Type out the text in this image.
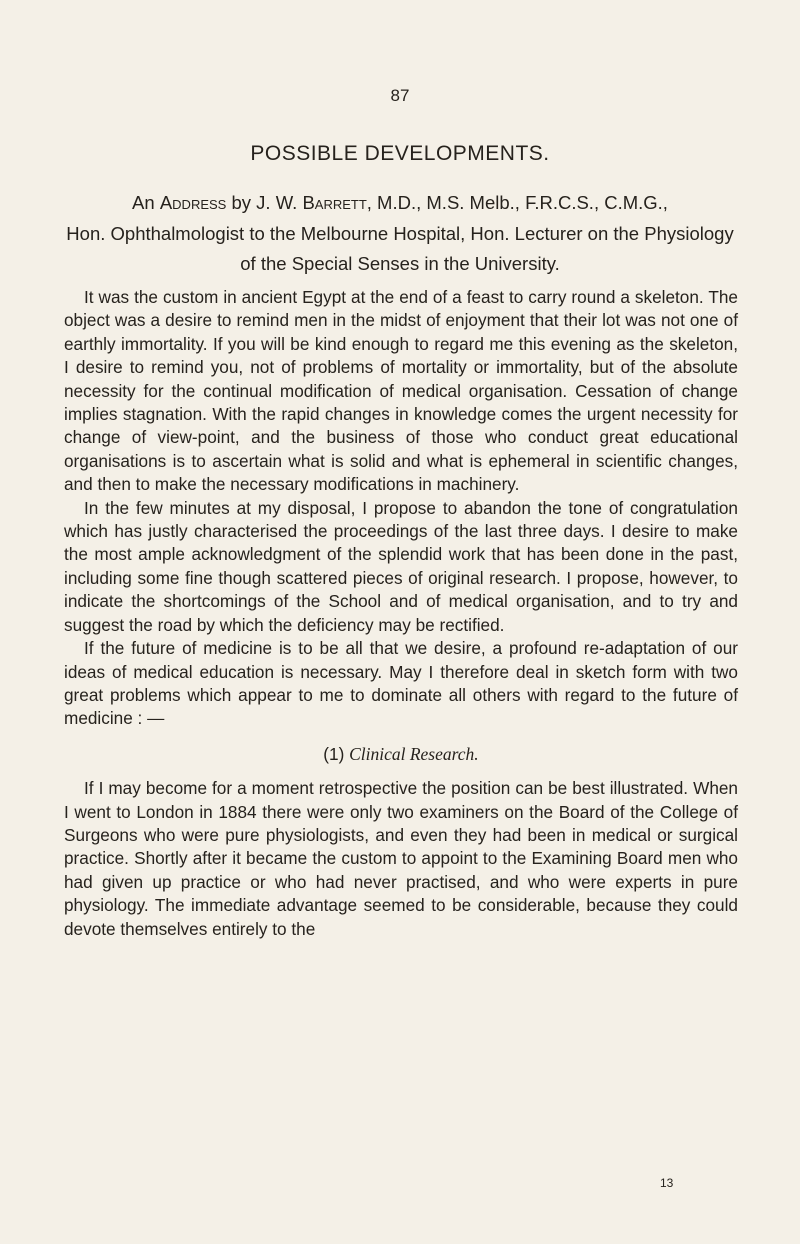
87
POSSIBLE DEVELOPMENTS.
An Address by J. W. Barrett, M.D., M.S. Melb., F.R.C.S., C.M.G.,
Hon. Ophthalmologist to the Melbourne Hospital, Hon. Lecturer on the Physiology of the Special Senses in the University.

It was the custom in ancient Egypt at the end of a feast to carry round a skeleton. The object was a desire to remind men in the midst of enjoyment that their lot was not one of earthly immortality. If you will be kind enough to regard me this evening as the skeleton, I desire to remind you, not of problems of mortality or immortality, but of the absolute necessity for the continual modification of medical organisation. Cessation of change implies stagnation. With the rapid changes in knowledge comes the urgent necessity for change of view-point, and the business of those who conduct great educational organisations is to ascertain what is solid and what is ephemeral in scientific changes, and then to make the necessary modifications in machinery.

In the few minutes at my disposal, I propose to abandon the tone of congratulation which has justly characterised the proceedings of the last three days. I desire to make the most ample acknowledgment of the splendid work that has been done in the past, including some fine though scattered pieces of original research. I propose, however, to indicate the shortcomings of the School and of medical organisation, and to try and suggest the road by which the deficiency may be rectified.

If the future of medicine is to be all that we desire, a profound re-adaptation of our ideas of medical education is necessary. May I therefore deal in sketch form with two great problems which appear to me to dominate all others with regard to the future of medicine : —

(1) Clinical Research.

If I may become for a moment retrospective the position can be best illustrated. When I went to London in 1884 there were only two examiners on the Board of the College of Surgeons who were pure physiologists, and even they had been in medical or surgical practice. Shortly after it became the custom to appoint to the Examining Board men who had given up practice or who had never practised, and who were experts in pure physiology. The immediate advantage seemed to be considerable, because they could devote themselves entirely to the

13
